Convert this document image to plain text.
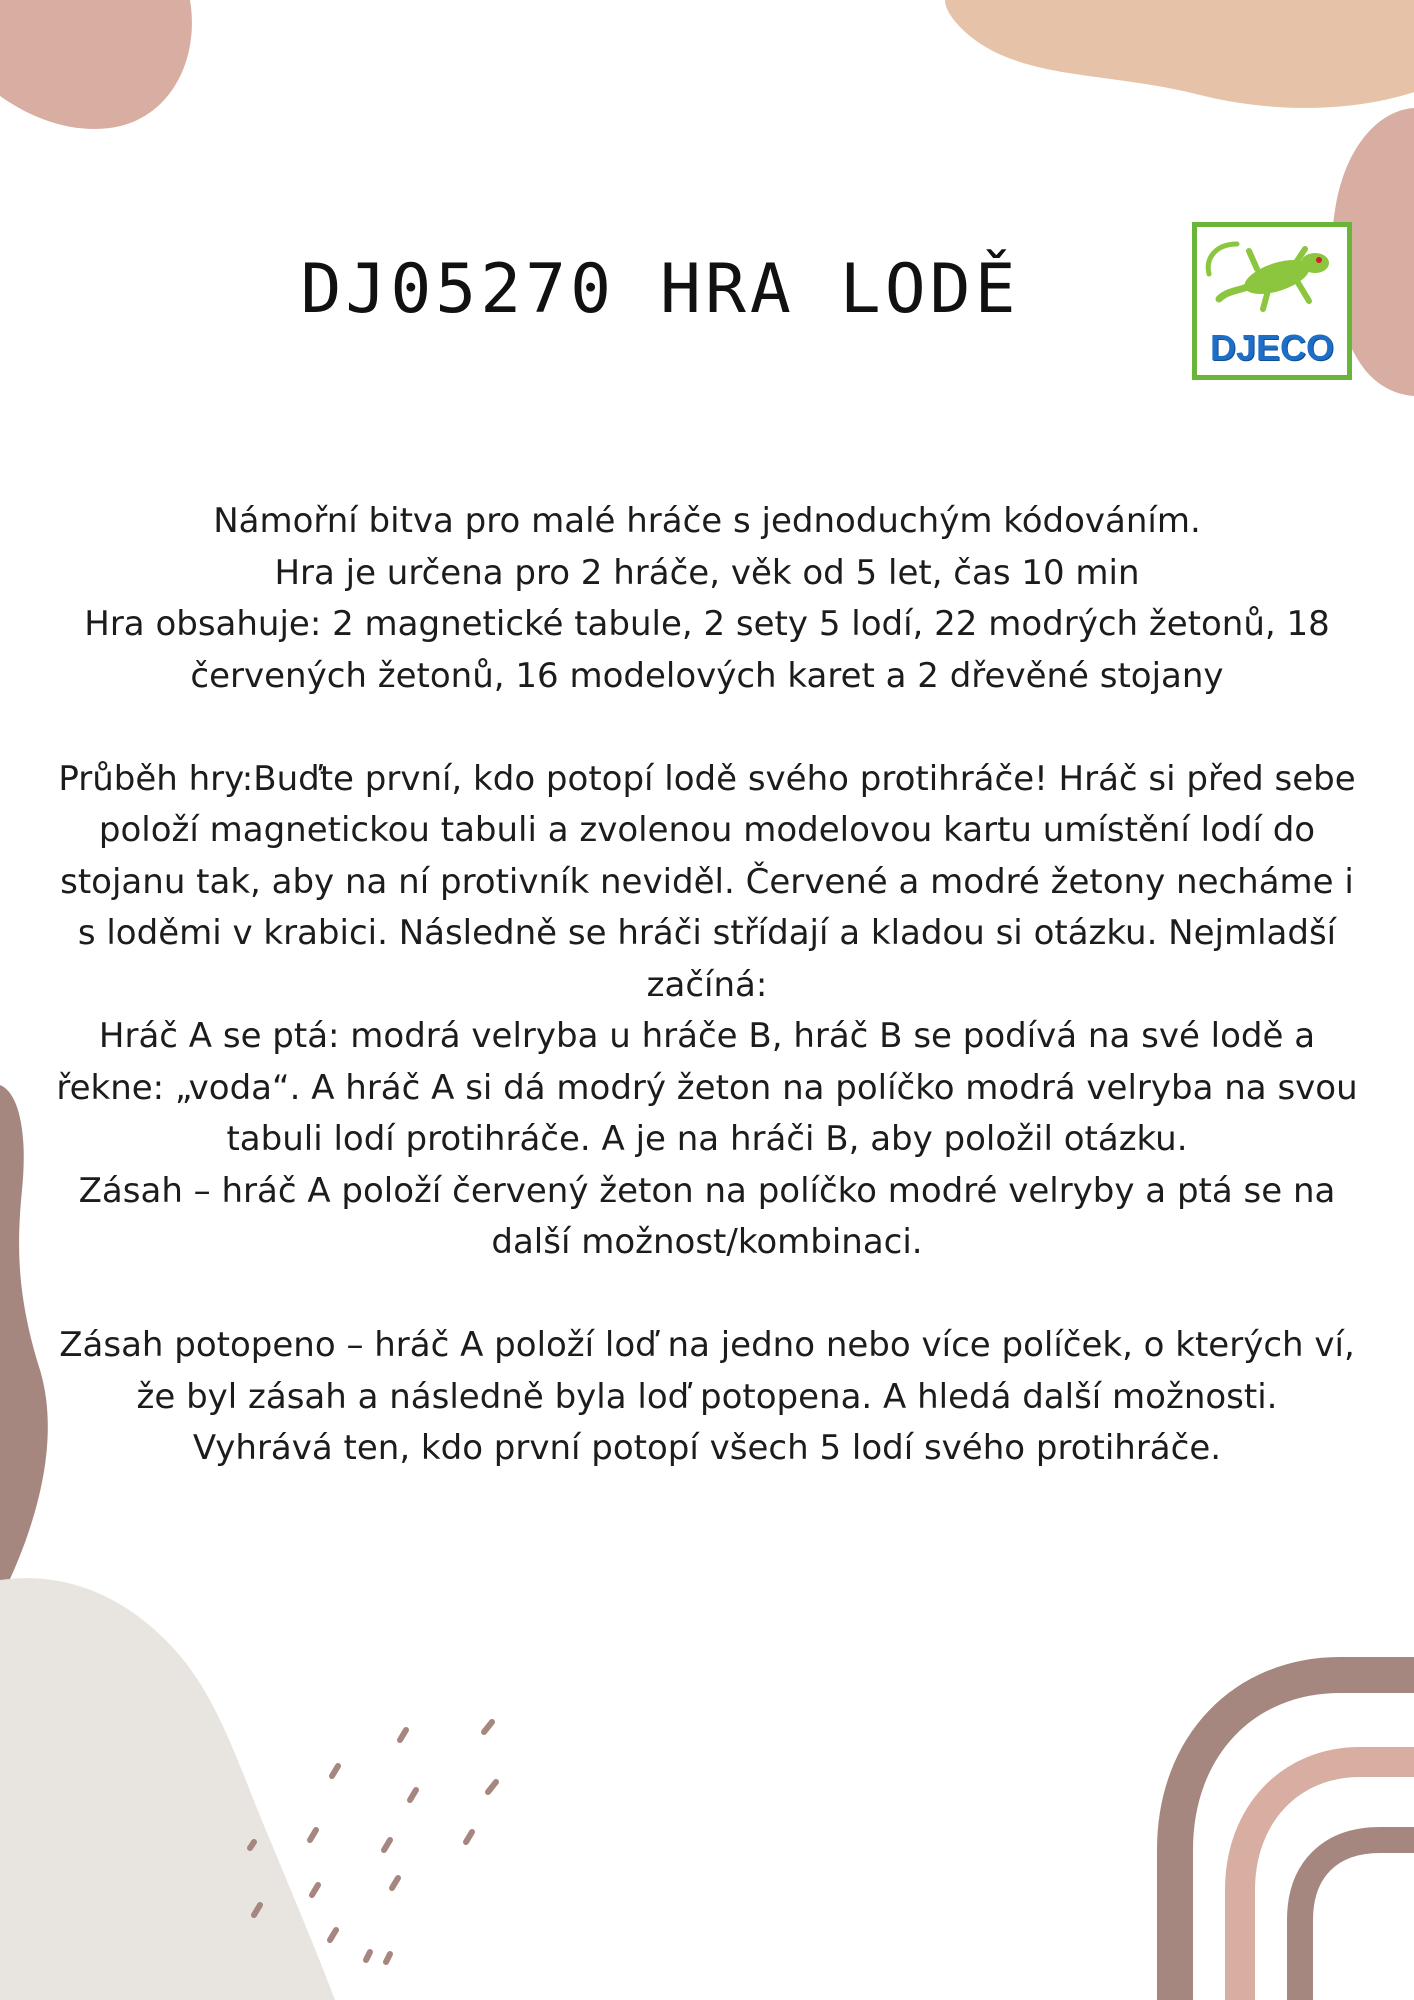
DJ05270 HRA LODĚ
DJECO

Námořní bitva pro malé hráče s jednoduchým kódováním.

Hra je určena pro 2 hráče, věk od 5 let, čas 10 min

Hra obsahuje: 2 magnetické tabule, 2 sety 5 lodí, 22 modrých žetonů, 18 červených žetonů, 16 modelových karet a 2 dřevěné stojany

Průběh hry:Buďte první, kdo potopí lodě svého protihráče! Hráč si před sebe položí magnetickou tabuli a zvolenou modelovou kartu umístění lodí do stojanu tak, aby na ní protivník neviděl. Červené a modré žetony necháme i s loděmi v krabici. Následně se hráči střídají a kladou si otázku. Nejmladší začíná:

Hráč A se ptá: modrá velryba u hráče B, hráč B se podívá na své lodě a řekne: „voda“. A hráč A si dá modrý žeton na políčko modrá velryba na svou tabuli lodí protihráče. A je na hráči B, aby položil otázku.

Zásah – hráč A položí červený žeton na políčko modré velryby a ptá se na další možnost/kombinaci.

Zásah potopeno – hráč A položí loď na jedno nebo více políček, o kterých ví, že byl zásah a následně byla loď potopena. A hledá další možnosti.

Vyhrává ten, kdo první potopí všech 5 lodí svého protihráče.
